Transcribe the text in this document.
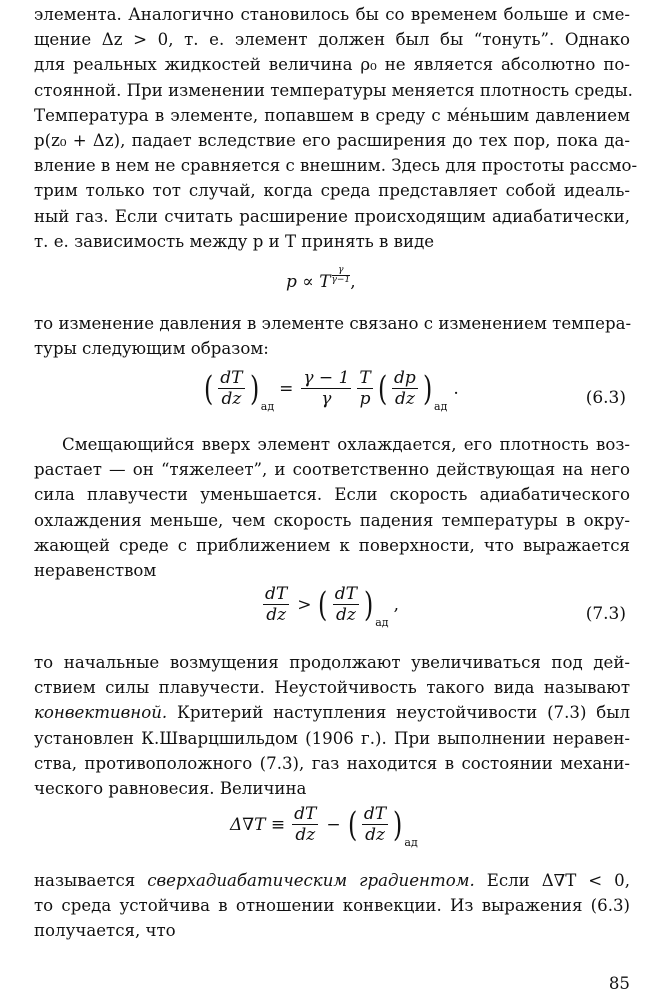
элемента. Аналогично становилось бы со временем больше и сме-
щение Δz > 0, т. е. элемент должен был бы “тонуть”. Однако
для реальных жидкостей величина ρ₀ не является абсолютно по-
стоянной. При изменении температуры меняется плотность среды.
Температура в элементе, попавшем в среду с ме́ньшим давлением
p(z₀ + Δz), падает вследствие его расширения до тех пор, пока да-
вление в нем не сравняется с внешним. Здесь для простоты рассмо-
трим только тот случай, когда среда представляет собой идеаль-
ный газ. Если считать расширение происходящим адиабатически,
т. е. зависимость между p и T принять в виде
p ∝ T
γ
γ−1 ,
то изменение давления в элементе связано с изменением темпера-
туры следующим образом:
( $\frac{dT}{dz}$ ) ад
= $\frac{\gamma - 1}{\gamma} \frac{T}{p}$ ( $\frac{dp}{dz}$ ) ад
.	(6.3)
Смещающийся вверх элемент охлаждается, его плотность воз-
растает — он “тяжелеет”, и соответственно действующая на него
сила плавучести уменьшается. Если скорость адиабатического
охлаждения меньше, чем скорость падения температуры в окру-
жающей среде с приближением к поверхности, что выражается
неравенством
$\frac{dT}{dz}$ > ( $\frac{dT}{dz}$ ) ад
,	(7.3)
то начальные возмущения продолжают увеличиваться под дей-
ствием силы плавучести. Неустойчивость такого вида называют
конвективной. Критерий наступления неустойчивости (7.3) был
установлен К.Шварцшильдом (1906 г.). При выполнении неравен-
ства, противоположного (7.3), газ находится в состоянии механи-
ческого равновесия. Величина
$\Delta\nabla T \equiv \frac{dT}{dz}$ − ( $\frac{dT}{dz}$ ) ад
называется сверхадиабатическим градиентом. Если Δ∇T < 0,
то среда устойчива в отношении конвекции. Из выражения (6.3)
получается, что
85
